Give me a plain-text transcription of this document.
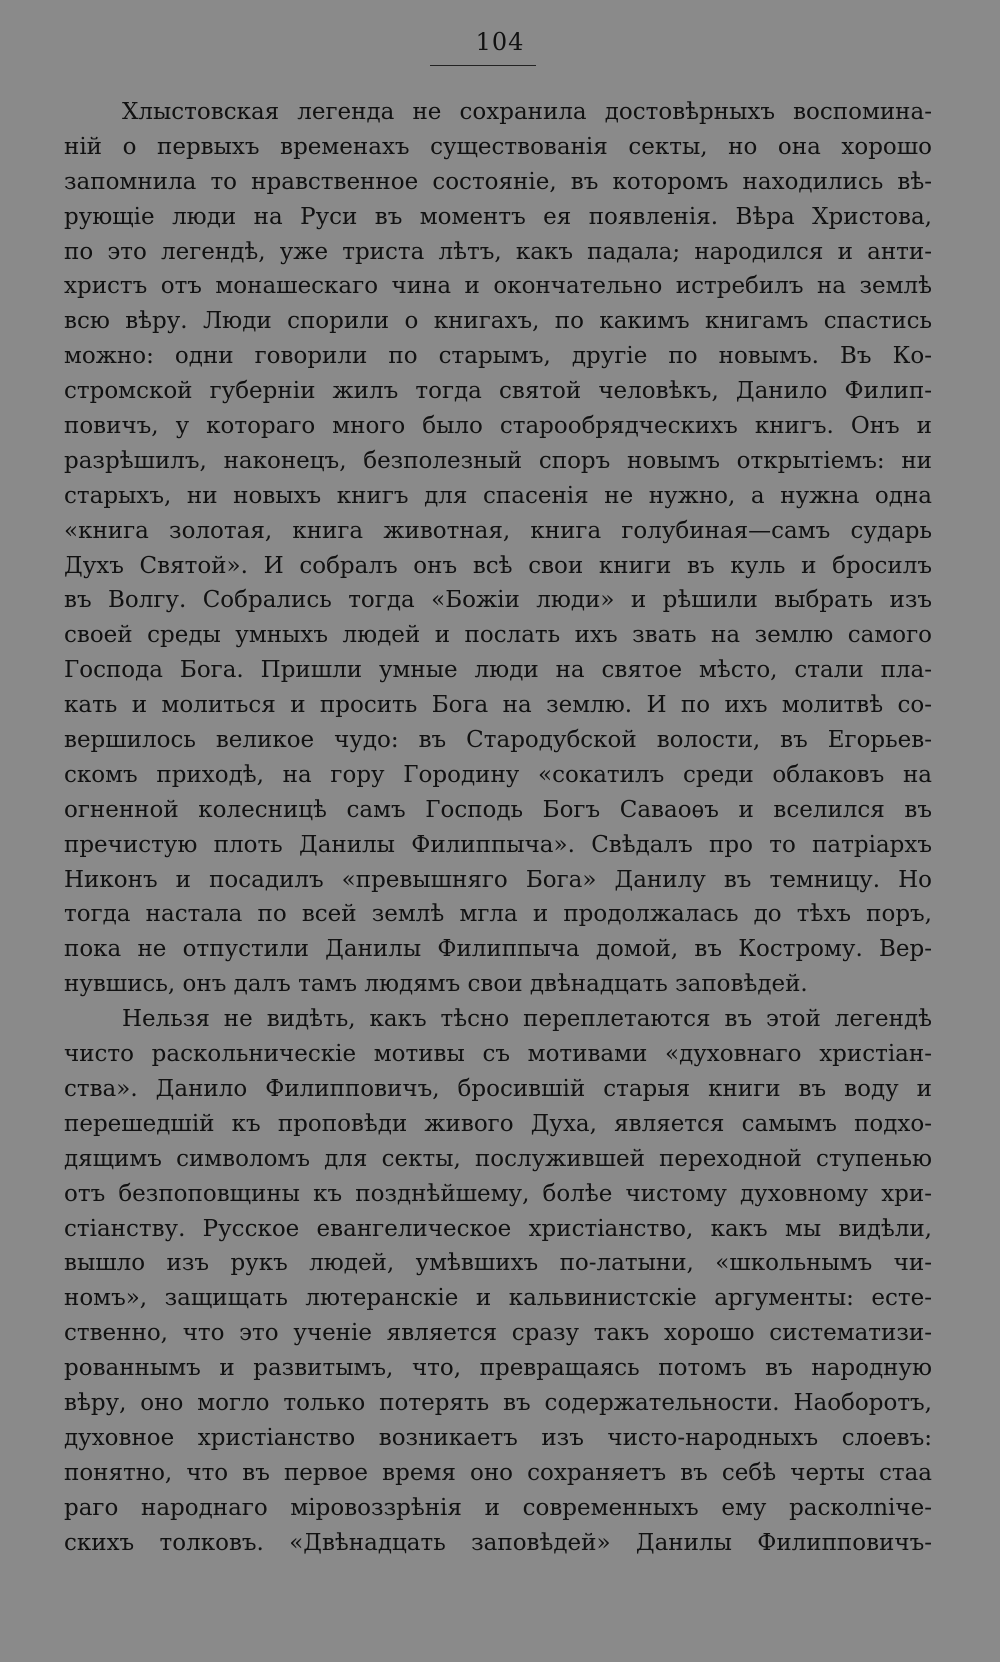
104
Хлыстовская легенда не сохранила достовѣрныхъ воспомина-
ній о первыхъ временахъ существованія секты, но она хорошо
запомнила то нравственное состояніе, въ которомъ находились вѣ-
рующіе люди на Руси въ моментъ ея появленія. Вѣра Христова,
по это легендѣ, уже триста лѣтъ, какъ падала; народился и анти-
христъ отъ монашескаго чина и окончательно истребилъ на землѣ
всю вѣру. Люди спорили о книгахъ, по какимъ книгамъ спастись
можно: одни говорили по старымъ, другіе по новымъ. Въ Ко-
стромской губерніи жилъ тогда святой человѣкъ, Данило Филип-
повичъ, у котораго много было старообрядческихъ книгъ. Онъ и
разрѣшилъ, наконецъ, безполезный споръ новымъ открытіемъ: ни
старыхъ, ни новыхъ книгъ для спасенія не нужно, а нужна одна
«книга золотая, книга животная, книга голубиная—самъ сударь
Духъ Святой». И собралъ онъ всѣ свои книги въ куль и бросилъ
въ Волгу. Собрались тогда «Божіи люди» и рѣшили выбрать изъ
своей среды умныхъ людей и послать ихъ звать на землю самого
Господа Бога. Пришли умные люди на святое мѣсто, стали пла-
кать и молиться и просить Бога на землю. И по ихъ молитвѣ со-
вершилось великое чудо: въ Стародубской волости, въ Егорьев-
скомъ приходѣ, на гору Городину «сокатилъ среди облаковъ на
огненной колесницѣ самъ Господь Богъ Саваоѳъ и вселился въ
пречистую плоть Данилы Филиппыча». Свѣдалъ про то патріархъ
Никонъ и посадилъ «превышняго Бога» Данилу въ темницу. Но
тогда настала по всей землѣ мгла и продолжалась до тѣхъ поръ,
пока не отпустили Данилы Филиппыча домой, въ Кострому. Вер-
нувшись, онъ далъ тамъ людямъ свои двѣнадцать заповѣдей.
Нельзя не видѣть, какъ тѣсно переплетаются въ этой легендѣ
чисто раскольническіе мотивы съ мотивами «духовнаго христіан-
ства». Данило Филипповичъ, бросившій старыя книги въ воду и
перешедшій къ проповѣди живого Духа, является самымъ подхо-
дящимъ символомъ для секты, послужившей переходной ступенью
отъ безпоповщины къ позднѣйшему, болѣе чистому духовному хри-
стіанству. Русское евангелическое христіанство, какъ мы видѣли,
вышло изъ рукъ людей, умѣвшихъ по-латыни, «школьнымъ чи-
номъ», защищать лютеранскіе и кальвинистскіе аргументы: есте-
ственно, что это ученіе является сразу такъ хорошо систематизи-
рованнымъ и развитымъ, что, превращаясь потомъ въ народную
вѣру, оно могло только потерять въ содержательности. Наоборотъ,
духовное христіанство возникаетъ изъ чисто-народныхъ слоевъ:
понятно, что въ первое время оно сохраняетъ въ себѣ черты стаа
раго народнаго міровоззрѣнія и современныхъ ему расколniче-
скихъ толковъ. «Двѣнадцать заповѣдей» Данилы Филипповичъ-
